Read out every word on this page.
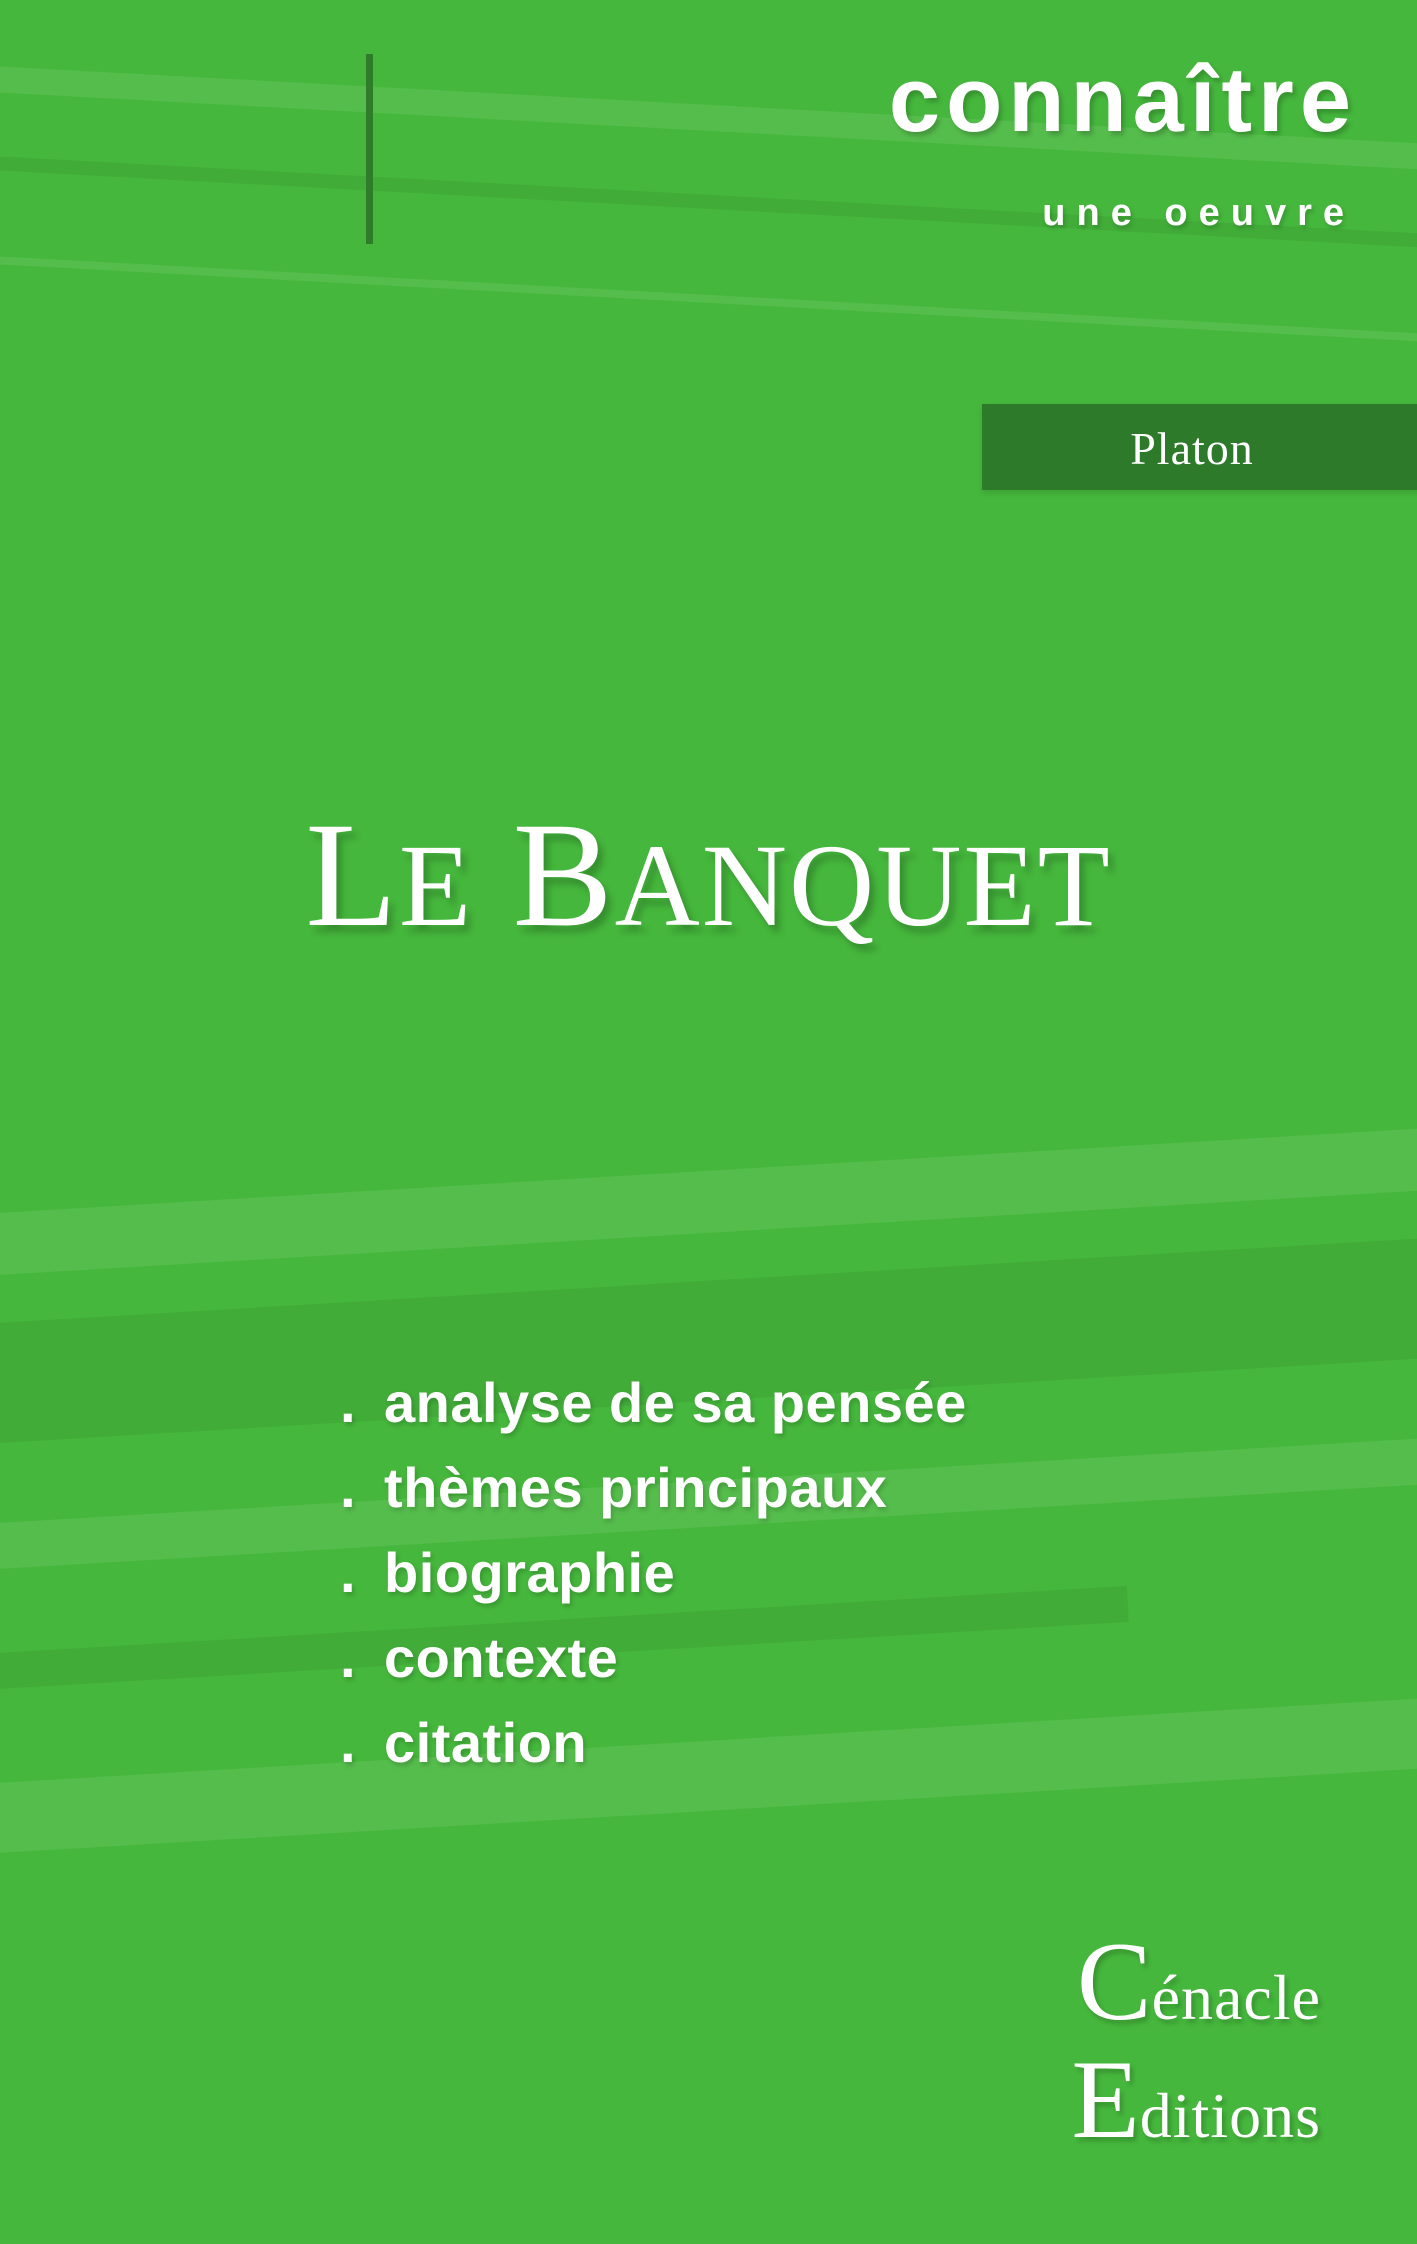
connaître
une oeuvre
Platon
LE BANQUET
. analyse de sa pensée
. thèmes principaux
. biographie
. contexte
. citation
C énacle
E ditions
